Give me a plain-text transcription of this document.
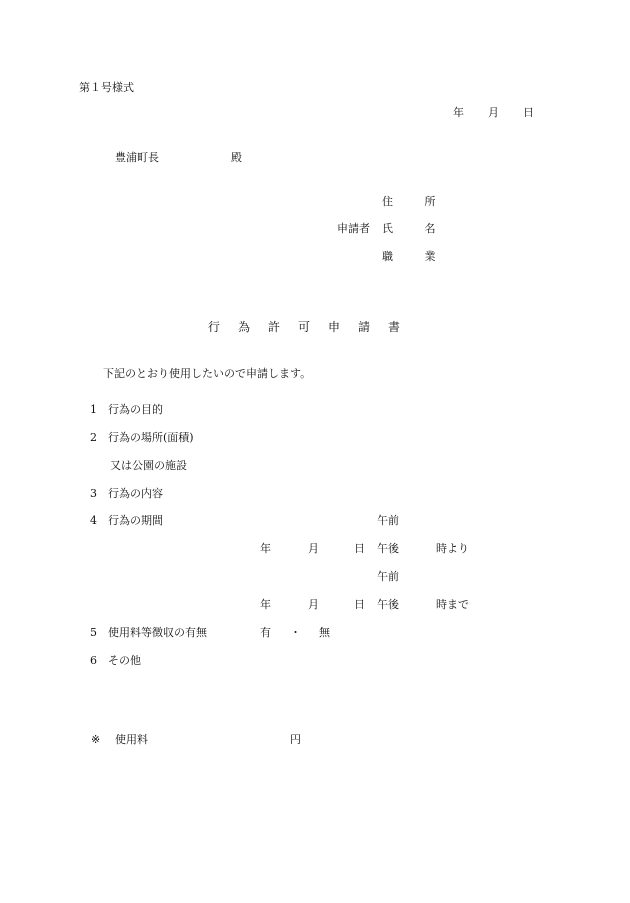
第１号様式
年 月 日
豊浦町長	殿
住 所
申請者 氏 名
職 業
行為許可申請書
下記のとおり使用したいので申請します。
1 行為の目的
2 行為の場所(面積)
又は公園の施設
3 行為の内容
4 行為の期間	午前
年	月	日 午後	時より
午前
年	月	日 午後	時まで
5 使用料等徴収の有無	有 ・ 無
6 その他
※ 使用料	円
